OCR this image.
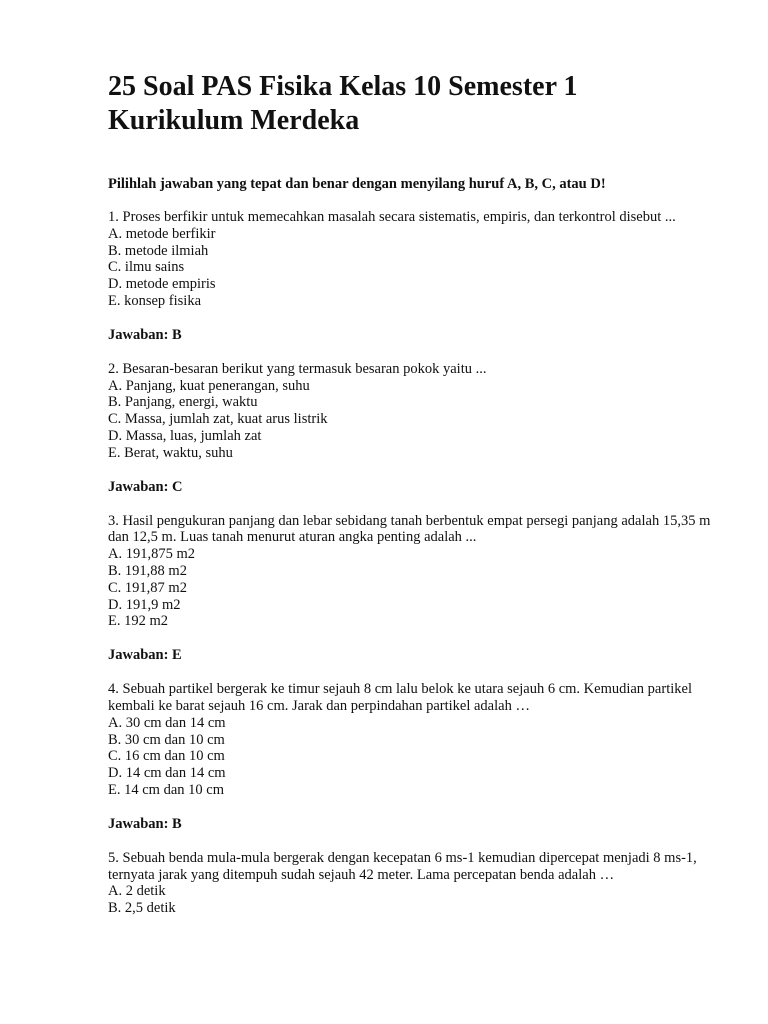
25 Soal PAS Fisika Kelas 10 Semester 1 Kurikulum Merdeka

Pilihlah jawaban yang tepat dan benar dengan menyilang huruf A, B, C, atau D!

1. Proses berfikir untuk memecahkan masalah secara sistematis, empiris, dan terkontrol disebut ...

A. metode berfikir

B. metode ilmiah

C. ilmu sains

D. metode empiris

E. konsep fisika

Jawaban: B

2. Besaran-besaran berikut yang termasuk besaran pokok yaitu ...

A. Panjang, kuat penerangan, suhu

B. Panjang, energi, waktu

C. Massa, jumlah zat, kuat arus listrik

D. Massa, luas, jumlah zat

E. Berat, waktu, suhu

Jawaban: C

3. Hasil pengukuran panjang dan lebar sebidang tanah berbentuk empat persegi panjang adalah 15,35 m dan 12,5 m. Luas tanah menurut aturan angka penting adalah ...

A. 191,875 m2

B. 191,88 m2

C. 191,87 m2

D. 191,9 m2

E. 192 m2

Jawaban: E

4. Sebuah partikel bergerak ke timur sejauh 8 cm lalu belok ke utara sejauh 6 cm. Kemudian partikel kembali ke barat sejauh 16 cm. Jarak dan perpindahan partikel adalah …

A. 30 cm dan 14 cm

B. 30 cm dan 10 cm

C. 16 cm dan 10 cm

D. 14 cm dan 14 cm

E. 14 cm dan 10 cm

Jawaban: B

5. Sebuah benda mula-mula bergerak dengan kecepatan 6 ms-1 kemudian dipercepat menjadi 8 ms-1, ternyata jarak yang ditempuh sudah sejauh 42 meter. Lama percepatan benda adalah …

A. 2 detik

B. 2,5 detik
